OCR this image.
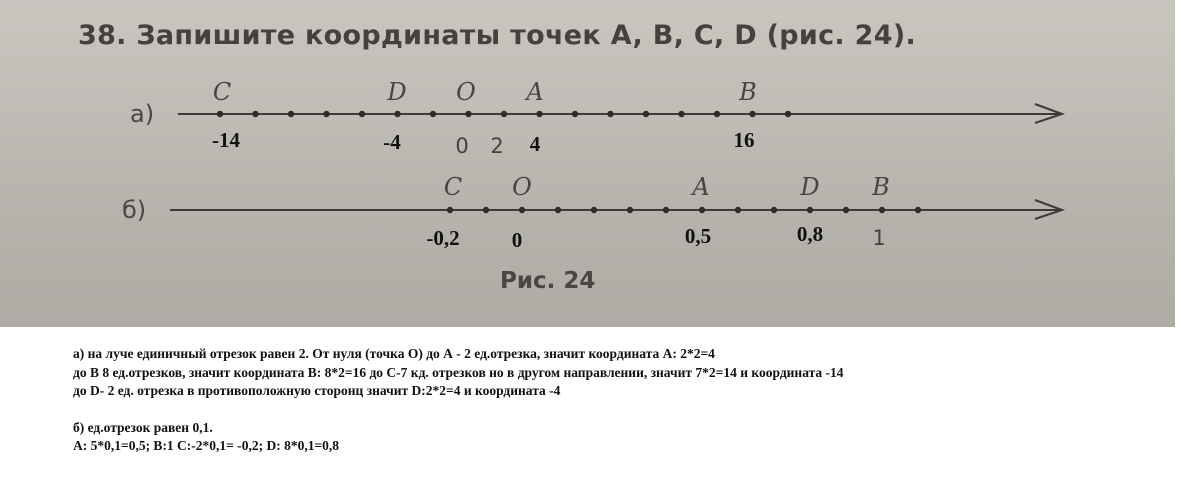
38. Запишите координаты точек A, B, C, D (рис. 24).
а)
б)
C	D O A	B
-14	-4	0 2 4	16
C O	A	D B
-0,2 0	0,5	0,8 1
Рис. 24

а) на луче единичный отрезок равен 2. От нуля (точка О) до А - 2 ед.отрезка, значит координата А: 2*2=4

до В 8 ед.отрезков, значит координата В: 8*2=16 до С-7 кд. отрезков но в другом направлении, значит 7*2=14 и координата -14

до D- 2 ед. отрезка в противоположную сторонц значит D:2*2=4 и координата -4

б) ед.отрезок равен 0,1.

А: 5*0,1=0,5; В:1 С:-2*0,1= -0,2; D: 8*0,1=0,8
